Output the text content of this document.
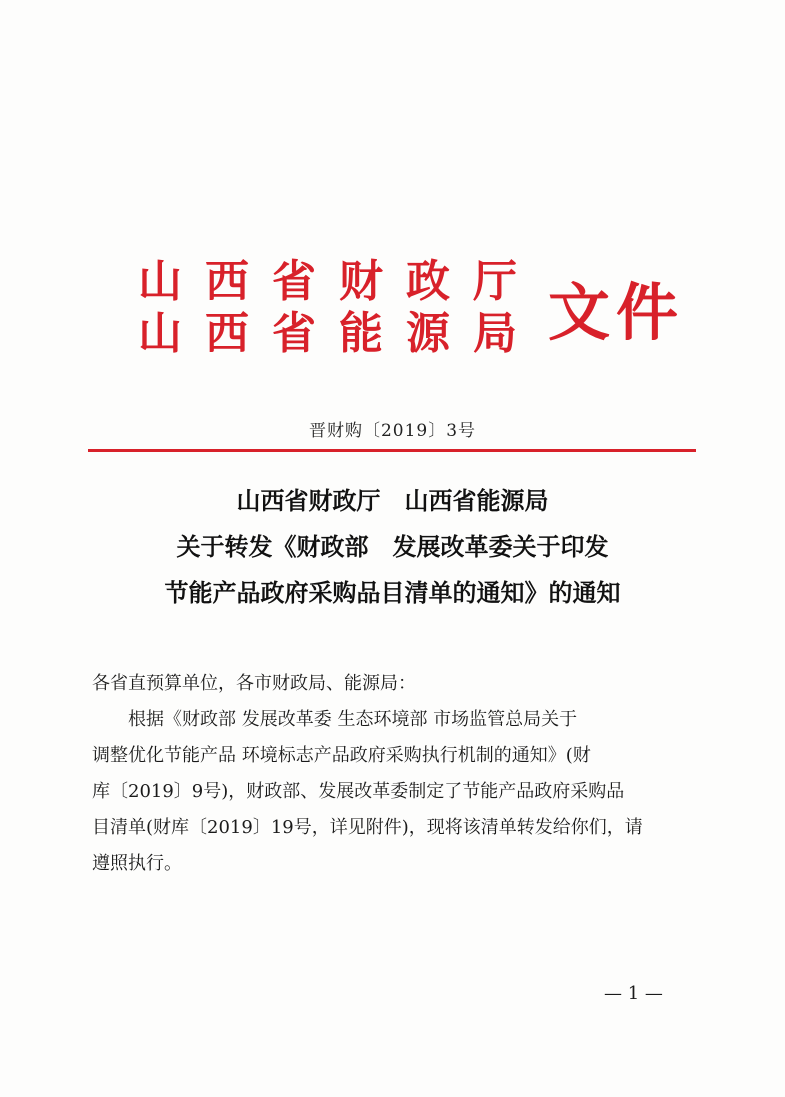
山西省财政厅
山西省能源局 文件
晋财购〔2019〕3号
山西省财政厅　山西省能源局
关于转发《财政部　发展改革委关于印发
节能产品政府采购品目清单的通知》的通知
各省直预算单位，各市财政局、能源局：
根据《财政部 发展改革委 生态环境部 市场监管总局关于
调整优化节能产品 环境标志产品政府采购执行机制的通知》(财
库〔2019〕9号)，财政部、发展改革委制定了节能产品政府采购品
目清单(财库〔2019〕19号，详见附件)，现将该清单转发给你们，请
遵照执行。
— 1 —
